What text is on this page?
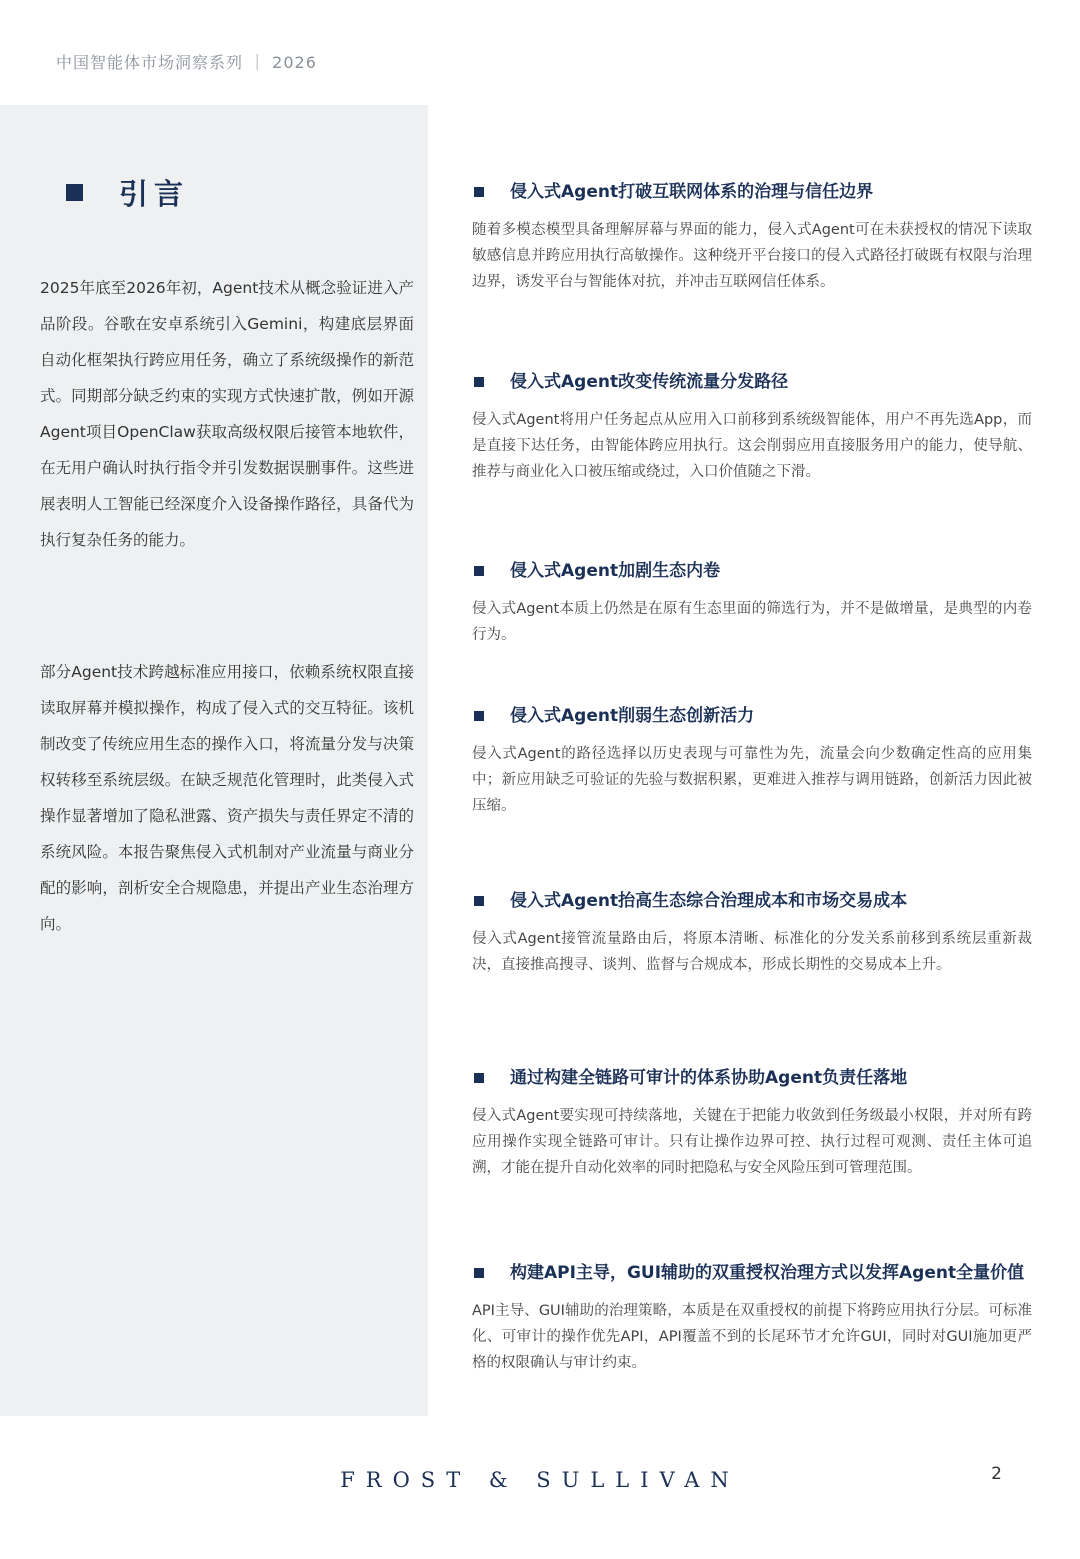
中国智能体市场洞察系列 ｜ 2026
引言
2025年底至2026年初，Agent技术从概念验证进入产品阶段。谷歌在安卓系统引入Gemini，构建底层界面自动化框架执行跨应用任务，确立了系统级操作的新范式。同期部分缺乏约束的实现方式快速扩散，例如开源Agent项目OpenClaw获取高级权限后接管本地软件，在无用户确认时执行指令并引发数据误删事件。这些进展表明人工智能已经深度介入设备操作路径，具备代为执行复杂任务的能力。
部分Agent技术跨越标准应用接口，依赖系统权限直接读取屏幕并模拟操作，构成了侵入式的交互特征。该机制改变了传统应用生态的操作入口，将流量分发与决策权转移至系统层级。在缺乏规范化管理时，此类侵入式操作显著增加了隐私泄露、资产损失与责任界定不清的系统风险。本报告聚焦侵入式机制对产业流量与商业分配的影响，剖析安全合规隐患，并提出产业生态治理方向。
侵入式Agent打破互联网体系的治理与信任边界
随着多模态模型具备理解屏幕与界面的能力，侵入式Agent可在未获授权的情况下读取敏感信息并跨应用执行高敏操作。这种绕开平台接口的侵入式路径打破既有权限与治理边界，诱发平台与智能体对抗，并冲击互联网信任体系。
侵入式Agent改变传统流量分发路径
侵入式Agent将用户任务起点从应用入口前移到系统级智能体，用户不再先选App，而是直接下达任务，由智能体跨应用执行。这会削弱应用直接服务用户的能力，使导航、推荐与商业化入口被压缩或绕过，入口价值随之下滑。
侵入式Agent加剧生态内卷
侵入式Agent本质上仍然是在原有生态里面的筛选行为，并不是做增量，是典型的内卷行为。
侵入式Agent削弱生态创新活力
侵入式Agent的路径选择以历史表现与可靠性为先，流量会向少数确定性高的应用集中；新应用缺乏可验证的先验与数据积累，更难进入推荐与调用链路，创新活力因此被压缩。
侵入式Agent抬高生态综合治理成本和市场交易成本
侵入式Agent接管流量路由后，将原本清晰、标准化的分发关系前移到系统层重新裁决，直接推高搜寻、谈判、监督与合规成本，形成长期性的交易成本上升。
通过构建全链路可审计的体系协助Agent负责任落地
侵入式Agent要实现可持续落地，关键在于把能力收敛到任务级最小权限，并对所有跨应用操作实现全链路可审计。只有让操作边界可控、执行过程可观测、责任主体可追溯，才能在提升自动化效率的同时把隐私与安全风险压到可管理范围。
构建API主导，GUI辅助的双重授权治理方式以发挥Agent全量价值
API主导、GUI辅助的治理策略，本质是在双重授权的前提下将跨应用执行分层。可标准化、可审计的操作优先API，API覆盖不到的长尾环节才允许GUI，同时对GUI施加更严格的权限确认与审计约束。
FROST & SULLIVAN	2
